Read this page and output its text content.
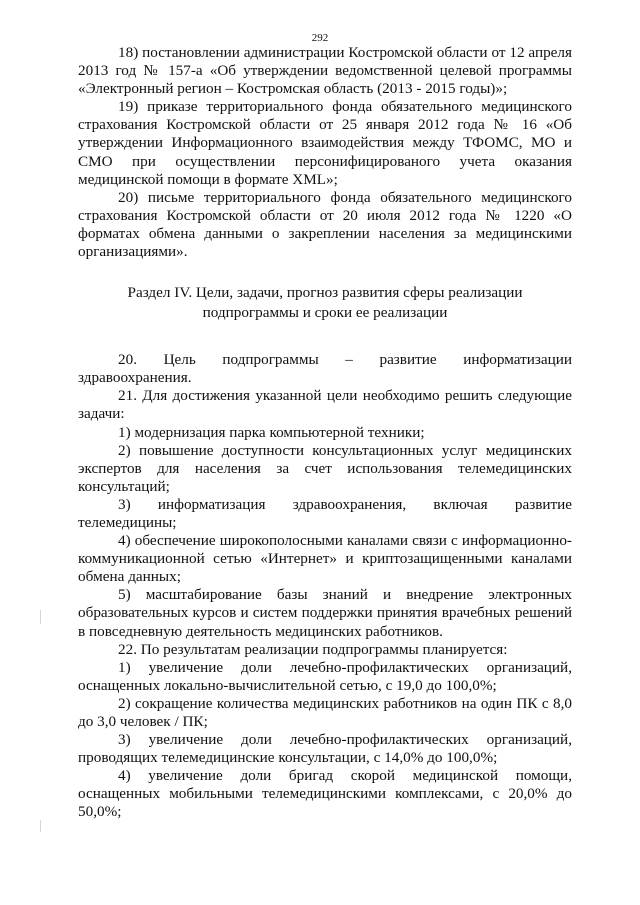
292

18) постановлении администрации Костромской области от 12 апреля 2013 год № 157-а «Об утверждении ведомственной целевой программы «Электронный регион – Костромская область (2013 - 2015 годы)»;

19) приказе территориального фонда обязательного медицинского страхования Костромской области от 25 января 2012 года № 16 «Об утверждении Информационного взаимодействия между ТФОМС, МО и СМО при осуществлении персонифицированого учета оказания медицинской помощи в формате XML»;

20) письме территориального фонда обязательного медицинского страхования Костромской области от 20 июля 2012 года № 1220 «О форматах обмена данными о закреплении населения за медицинскими организациями».

Раздел IV. Цели, задачи, прогноз развития сферы реализации
подпрограммы и сроки ее реализации

20. Цель подпрограммы – развитие информатизации здравоохранения.

21. Для достижения указанной цели необходимо решить следующие задачи:

1) модернизация парка компьютерной техники;

2) повышение доступности консультационных услуг медицинских экспертов для населения за счет использования телемедицинских консультаций;

3) информатизация здравоохранения, включая развитие телемедицины;

4) обеспечение широкополосными каналами связи с информационно-коммуникационной сетью «Интернет» и криптозащищенными каналами обмена данных;

5) масштабирование базы знаний и внедрение электронных образовательных курсов и систем поддержки принятия врачебных решений в повседневную деятельность медицинских работников.

22. По результатам реализации подпрограммы планируется:

1) увеличение доли лечебно-профилактических организаций, оснащенных локально-вычислительной сетью, с 19,0 до 100,0%;

2) сокращение количества медицинских работников на один ПК с 8,0 до 3,0 человек / ПК;

3) увеличение доли лечебно-профилактических организаций, проводящих телемедицинские консультации, с 14,0% до 100,0%;

4) увеличение доли бригад скорой медицинской помощи, оснащенных мобильными телемедицинскими комплексами, с 20,0% до 50,0%;
